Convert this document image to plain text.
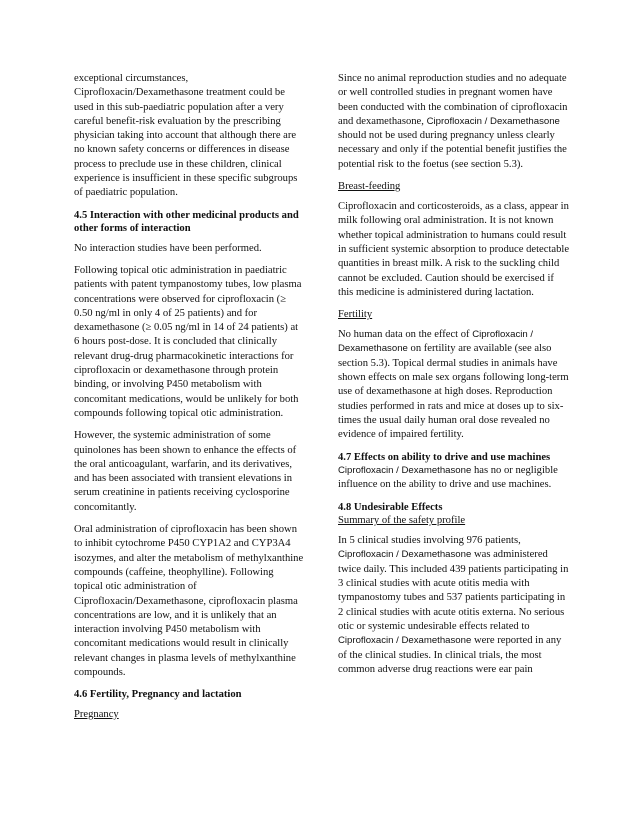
exceptional circumstances, Ciprofloxacin/Dexamethasone treatment could be used in this sub-paediatric population after a very careful benefit-risk evaluation by the prescribing physician taking into account that although there are no known safety concerns or differences in disease process to preclude use in these children, clinical experience is insufficient in these specific subgroups of paediatric population.

4.5 Interaction with other medicinal products and other forms of interaction

No interaction studies have been performed.

Following topical otic administration in paediatric patients with patent tympanostomy tubes, low plasma concentrations were observed for ciprofloxacin (≥ 0.50 ng/ml in only 4 of 25 patients) and for dexamethasone (≥ 0.05 ng/ml in 14 of 24 patients) at 6 hours post-dose. It is concluded that clinically relevant drug-drug pharmacokinetic interactions for ciprofloxacin or dexamethasone through protein binding, or involving P450 metabolism with concomitant medications, would be unlikely for both compounds following topical otic administration.

However, the systemic administration of some quinolones has been shown to enhance the effects of the oral anticoagulant, warfarin, and its derivatives, and has been associated with transient elevations in serum creatinine in patients receiving cyclosporine concomitantly.

Oral administration of ciprofloxacin has been shown to inhibit cytochrome P450 CYP1A2 and CYP3A4 isozymes, and alter the metabolism of methylxanthine compounds (caffeine, theophylline). Following topical otic administration of Ciprofloxacin/Dexamethasone, ciprofloxacin plasma concentrations are low, and it is unlikely that an interaction involving P450 metabolism with concomitant medications would result in clinically relevant changes in plasma levels of methylxanthine compounds.

4.6 Fertility, Pregnancy and lactation
Pregnancy

Since no animal reproduction studies and no adequate or well controlled studies in pregnant women have been conducted with the combination of ciprofloxacin and dexamethasone, Ciprofloxacin / Dexamethasone should not be used during pregnancy unless clearly necessary and only if the potential benefit justifies the potential risk to the foetus (see section 5.3).

Breast-feeding

Ciprofloxacin and corticosteroids, as a class, appear in milk following oral administration. It is not known whether topical administration to humans could result in sufficient systemic absorption to produce detectable quantities in breast milk. A risk to the suckling child cannot be excluded. Caution should be exercised if this medicine is administered during lactation.

Fertility

No human data on the effect of Ciprofloxacin / Dexamethasone on fertility are available (see also section 5.3). Topical dermal studies in animals have shown effects on male sex organs following long-term use of dexamethasone at high doses. Reproduction studies performed in rats and mice at doses up to six-times the usual daily human oral dose revealed no evidence of impaired fertility.

4.7 Effects on ability to drive and use machines

Ciprofloxacin / Dexamethasone has no or negligible influence on the ability to drive and use machines.

4.8 Undesirable Effects
Summary of the safety profile

In 5 clinical studies involving 976 patients, Ciprofloxacin / Dexamethasone was administered twice daily. This included 439 patients participating in 3 clinical studies with acute otitis media with tympanostomy tubes and 537 patients participating in 2 clinical studies with acute otitis externa. No serious otic or systemic undesirable effects related to Ciprofloxacin / Dexamethasone were reported in any of the clinical studies. In clinical trials, the most common adverse drug reactions were ear pain
